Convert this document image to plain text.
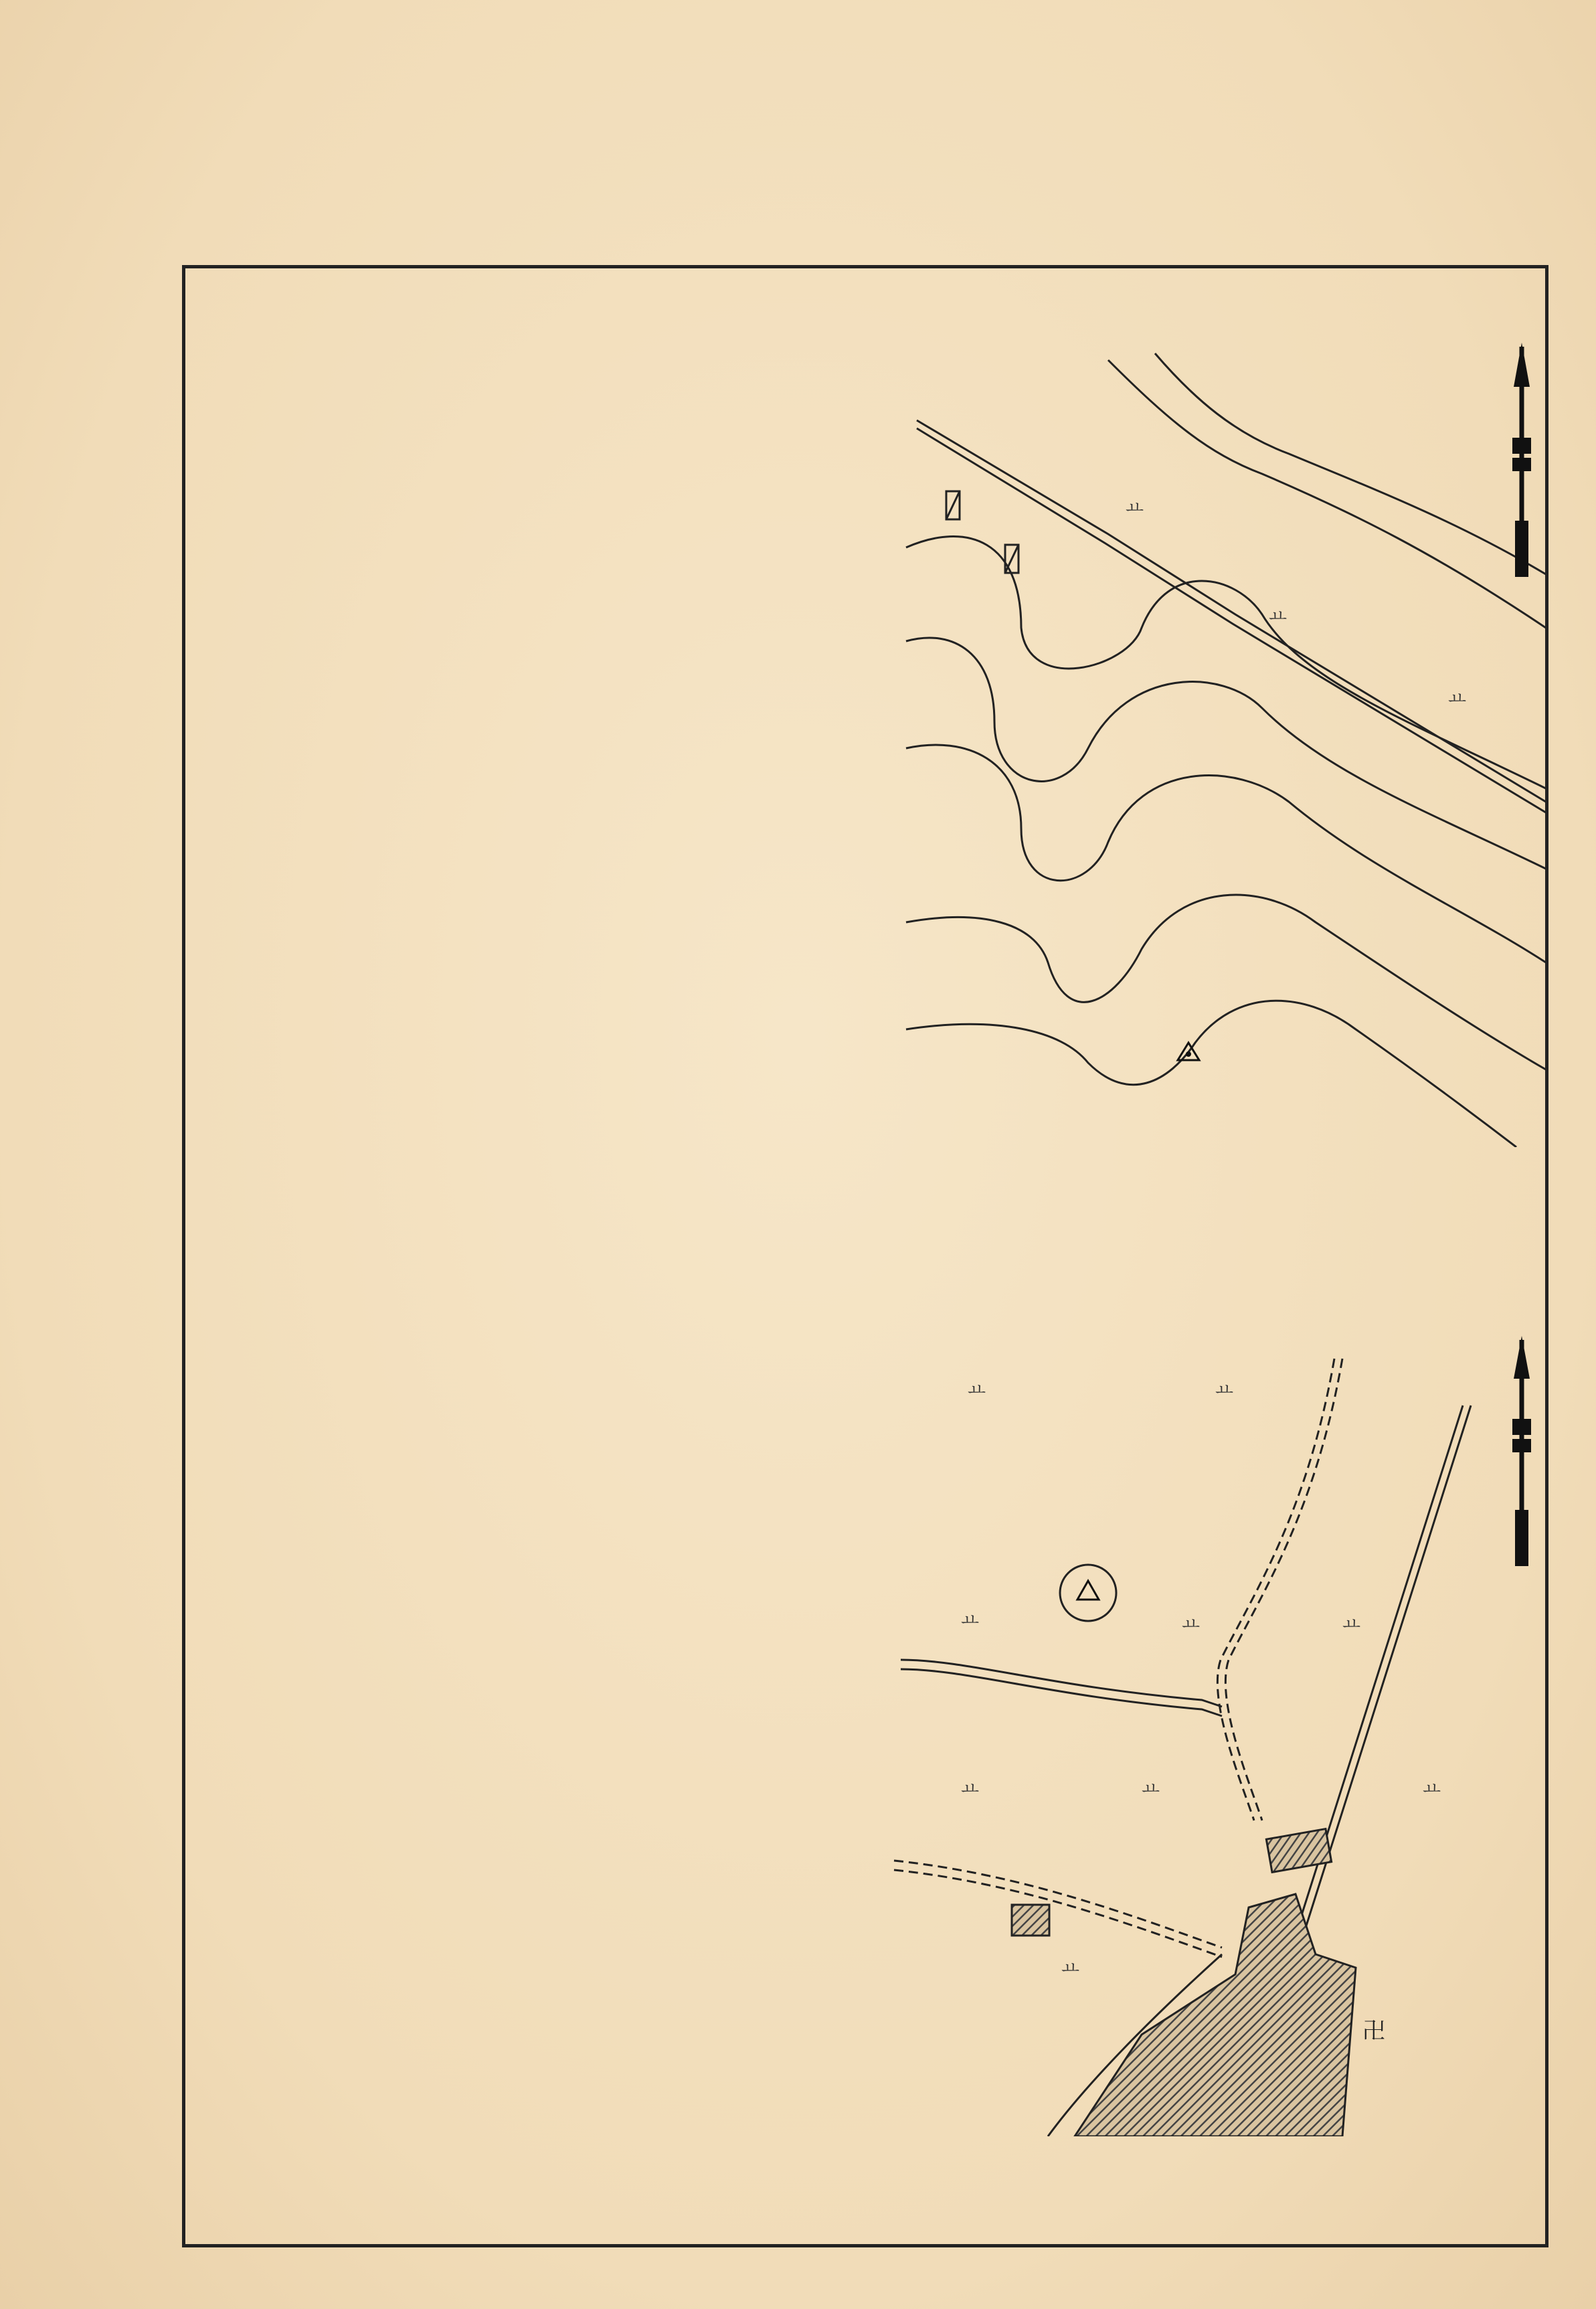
ㅛ
ㅛ
ㅛ
ㅛ	ㅛ
ㅛ	ㅛ	ㅛ
ㅛ	ㅛ	ㅛ
ㅛ
卍
